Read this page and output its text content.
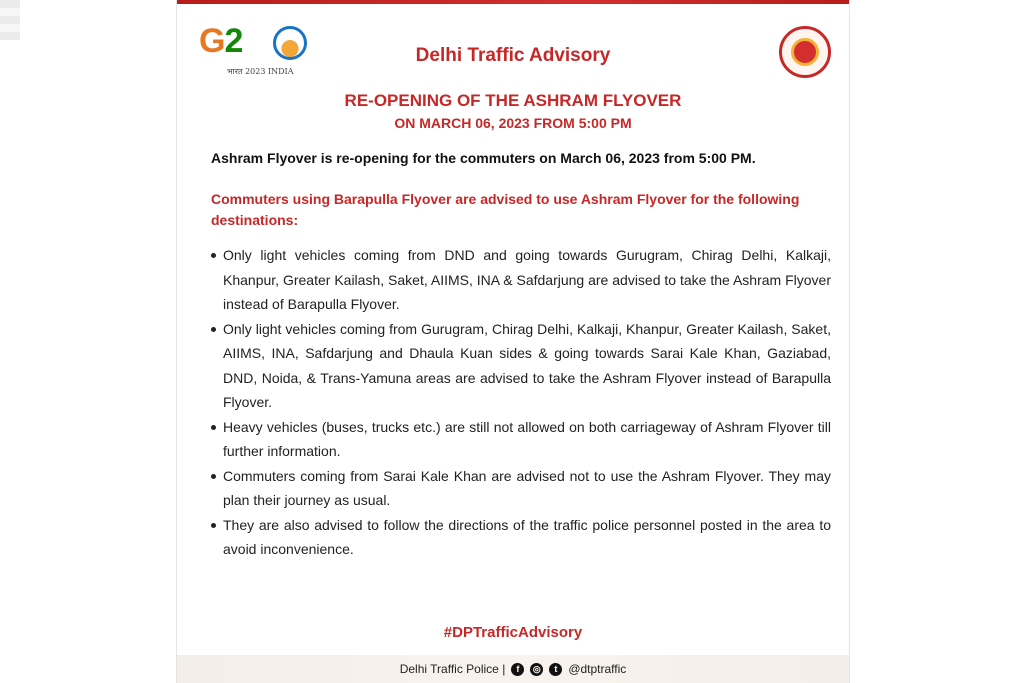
G2
भारत 2023 INDIA
Delhi Traffic Advisory
RE-OPENING OF THE ASHRAM FLYOVER
ON MARCH 06, 2023 FROM 5:00 PM
Ashram Flyover is re-opening for the commuters on March 06, 2023 from 5:00 PM.
Commuters using Barapulla Flyover are advised to use Ashram Flyover for the following destinations:
Only light vehicles coming from DND and going towards Gurugram, Chirag Delhi, Kalkaji, Khanpur, Greater Kailash, Saket, AIIMS, INA & Safdarjung are advised to take the Ashram Flyover instead of Barapulla Flyover.
Only light vehicles coming from Gurugram, Chirag Delhi, Kalkaji, Khanpur, Greater Kailash, Saket, AIIMS, INA, Safdarjung and Dhaula Kuan sides & going towards Sarai Kale Khan, Gaziabad, DND, Noida, & Trans-Yamuna areas are advised to take the Ashram Flyover instead of Barapulla Flyover.
Heavy vehicles (buses, trucks etc.) are still not allowed on both carriageway of Ashram Flyover till further information.
Commuters coming from Sarai Kale Khan are advised not to use the Ashram Flyover. They may plan their journey as usual.
They are also advised to follow the directions of the traffic police personnel posted in the area to avoid inconvenience.
#DPTrafficAdvisory
Delhi Traffic Police |	f	◎	t @dtptraffic
